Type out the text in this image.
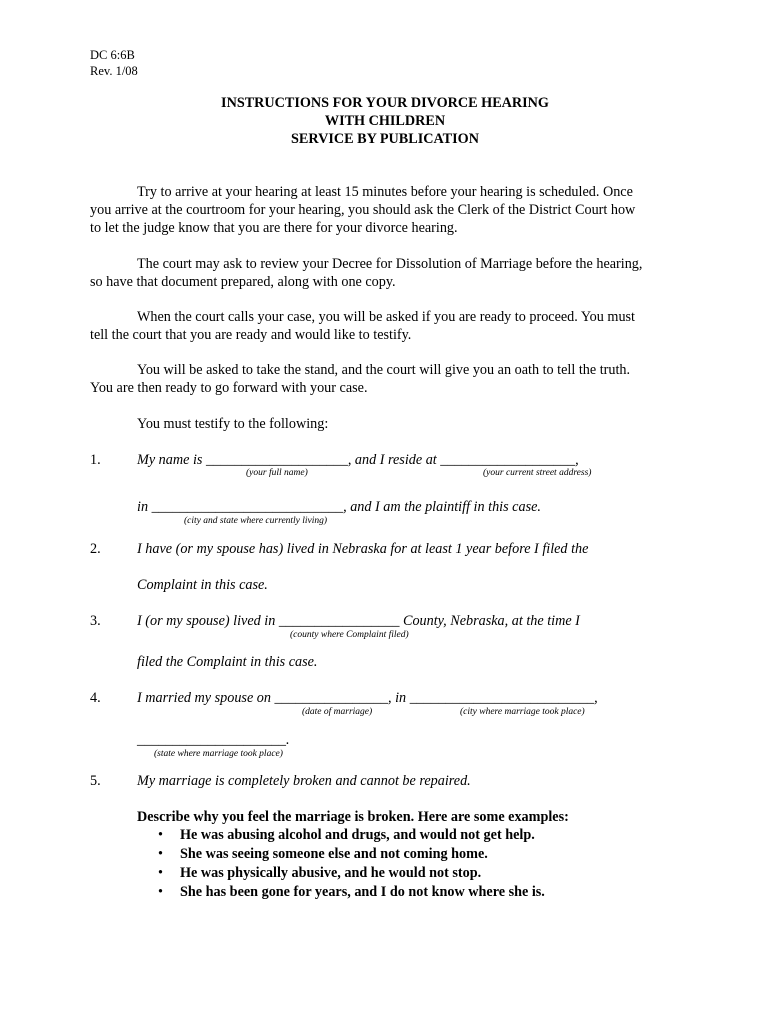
DC 6:6B
Rev. 1/08
INSTRUCTIONS FOR YOUR DIVORCE HEARING
WITH CHILDREN
SERVICE BY PUBLICATION
Try to arrive at your hearing at least 15 minutes before your hearing is scheduled. Once
you arrive at the courtroom for your hearing, you should ask the Clerk of the District Court how
to let the judge know that you are there for your divorce hearing.
The court may ask to review your Decree for Dissolution of Marriage before the hearing,
so have that document prepared, along with one copy.
When the court calls your case, you will be asked if you are ready to proceed. You must
tell the court that you are ready and would like to testify.
You will be asked to take the stand, and the court will give you an oath to tell the truth.
You are then ready to go forward with your case.
You must testify to the following:
1.	My name is ____________________, and I reside at ___________________,
(your full name)	(your current street address)
in ___________________________, and I am the plaintiff in this case.
(city and state where currently living)
2.	I have (or my spouse has) lived in Nebraska for at least 1 year before I filed the
Complaint in this case.
3.	I (or my spouse) lived in _________________ County, Nebraska, at the time I
(county where Complaint filed)
filed the Complaint in this case.
4.	I married my spouse on ________________, in __________________________,
(date of marriage)	(city where marriage took place)
_____________________.
(state where marriage took place)
5.	My marriage is completely broken and cannot be repaired.
Describe why you feel the marriage is broken. Here are some examples:
• He was abusing alcohol and drugs, and would not get help.
• She was seeing someone else and not coming home.
• He was physically abusive, and he would not stop.
• She has been gone for years, and I do not know where she is.
